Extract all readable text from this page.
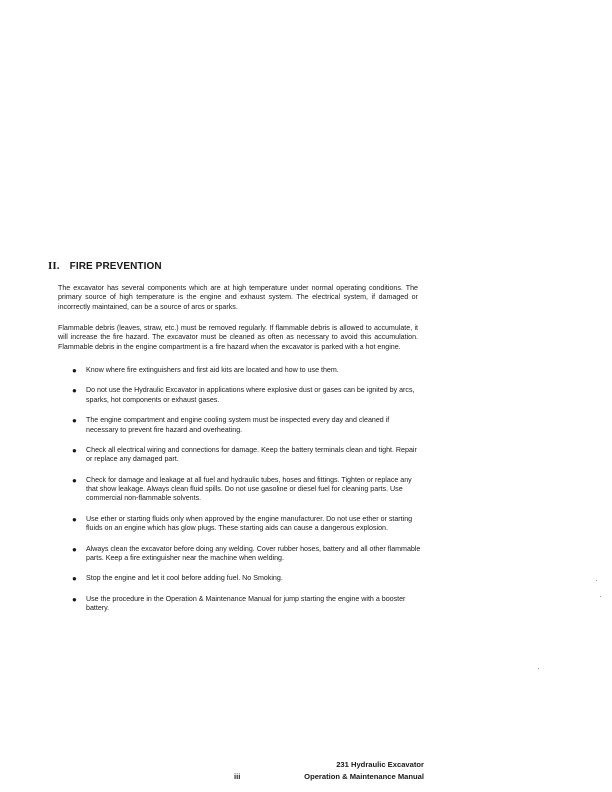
II. FIRE PREVENTION

The excavator has several components which are at high temperature under normal operating conditions. The primary source of high temperature is the engine and exhaust system. The electrical system, if damaged or incorrectly maintained, can be a source of arcs or sparks.

Flammable debris (leaves, straw, etc.) must be removed regularly. If flammable debris is allowed to accumulate, it will increase the fire hazard. The excavator must be cleaned as often as necessary to avoid this accumulation. Flammable debris in the engine compartment is a fire hazard when the excavator is parked with a hot engine.

● Know where fire extinguishers and first aid kits are located and how to use them.
● Do not use the Hydraulic Excavator in applications where explosive dust or gases can be ignited by arcs, sparks, hot components or exhaust gases.
● The engine compartment and engine cooling system must be inspected every day and cleaned if necessary to prevent fire hazard and overheating.
● Check all electrical wiring and connections for damage. Keep the battery terminals clean and tight. Repair or replace any damaged part.
● Check for damage and leakage at all fuel and hydraulic tubes, hoses and fittings. Tighten or replace any that show leakage. Always clean fluid spills. Do not use gasoline or diesel fuel for cleaning parts. Use commercial non-flammable solvents.
● Use ether or starting fluids only when approved by the engine manufacturer. Do not use ether or starting fluids on an engine which has glow plugs. These starting aids can cause a dangerous explosion.
● Always clean the excavator before doing any welding. Cover rubber hoses, battery and all other flammable parts. Keep a fire extinguisher near the machine when welding.
● Stop the engine and let it cool before adding fuel. No Smoking.
● Use the procedure in the Operation & Maintenance Manual for jump starting the engine with a booster battery.
iii
231 Hydraulic Excavator
Operation & Maintenance Manual
